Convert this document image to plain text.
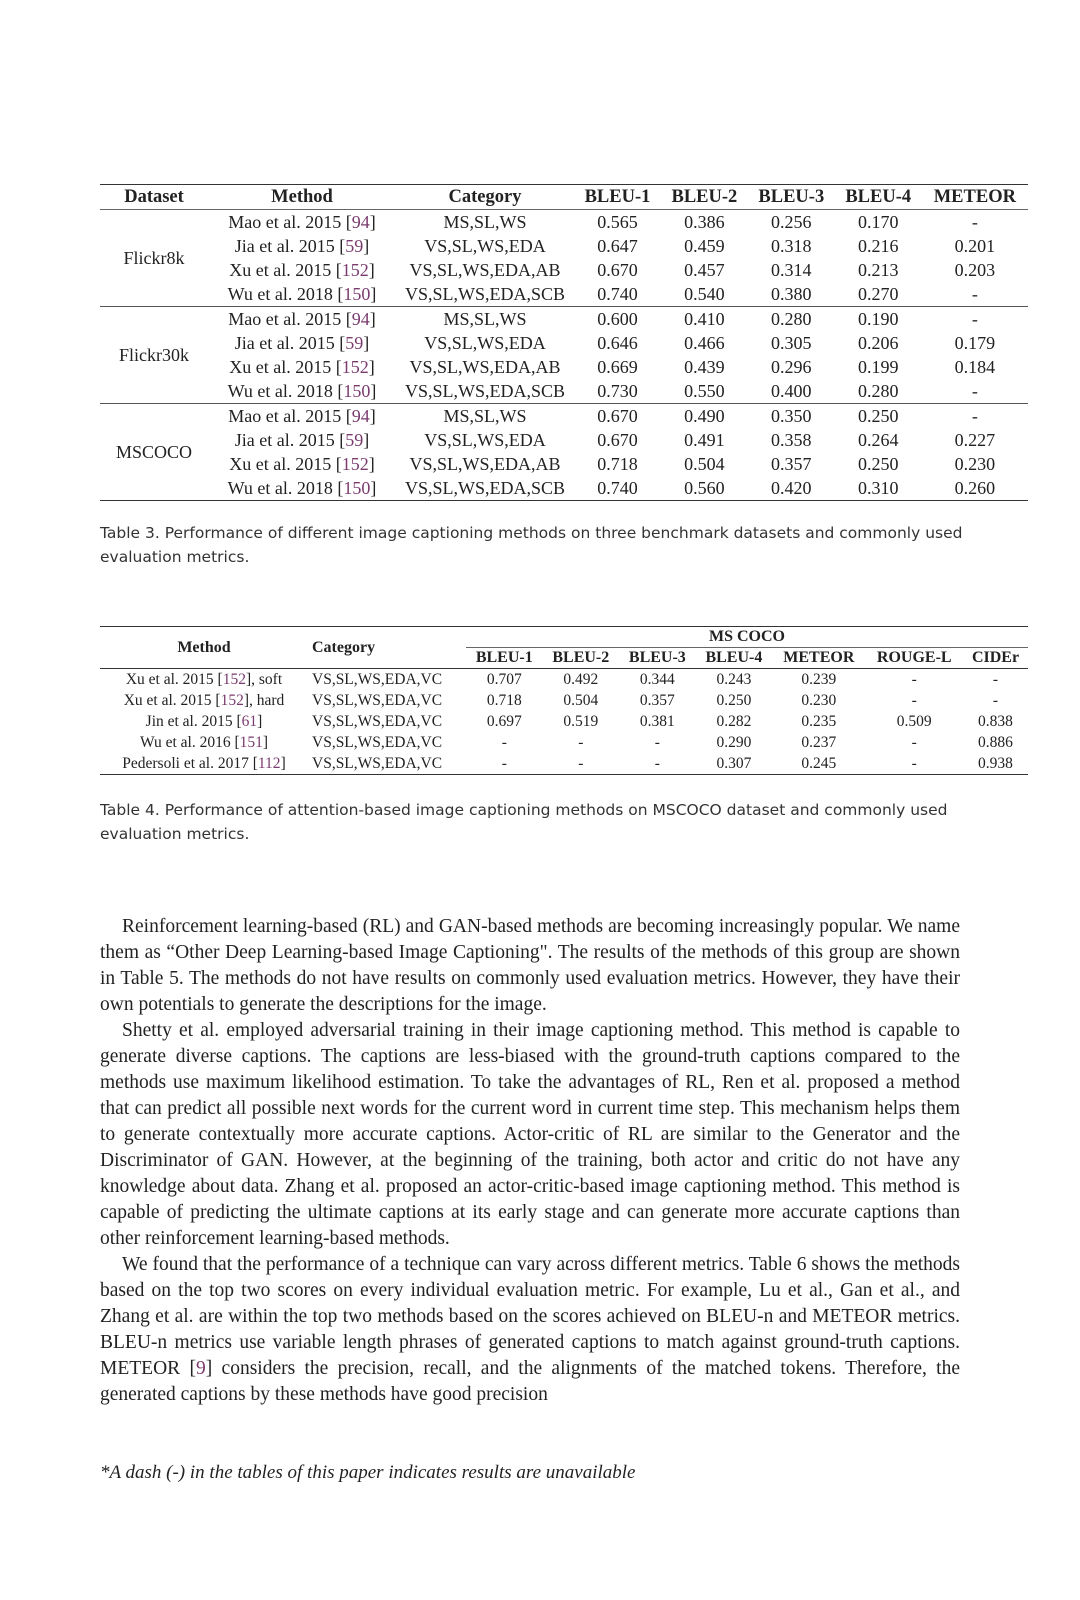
Dataset	Method	Category	BLEU-1	BLEU-2	BLEU-3	BLEU-4	METEOR
Flickr8k	Mao et al. 2015 [94]	MS,SL,WS	0.565	0.386	0.256	0.170	-
	Jia et al. 2015 [59]	VS,SL,WS,EDA	0.647	0.459	0.318	0.216	0.201
	Xu et al. 2015 [152]	VS,SL,WS,EDA,AB	0.670	0.457	0.314	0.213	0.203
	Wu et al. 2018 [150]	VS,SL,WS,EDA,SCB	0.740	0.540	0.380	0.270	-
Flickr30k	Mao et al. 2015 [94]	MS,SL,WS	0.600	0.410	0.280	0.190	-
	Jia et al. 2015 [59]	VS,SL,WS,EDA	0.646	0.466	0.305	0.206	0.179
	Xu et al. 2015 [152]	VS,SL,WS,EDA,AB	0.669	0.439	0.296	0.199	0.184
	Wu et al. 2018 [150]	VS,SL,WS,EDA,SCB	0.730	0.550	0.400	0.280	-
MSCOCO	Mao et al. 2015 [94]	MS,SL,WS	0.670	0.490	0.350	0.250	-
	Jia et al. 2015 [59]	VS,SL,WS,EDA	0.670	0.491	0.358	0.264	0.227
	Xu et al. 2015 [152]	VS,SL,WS,EDA,AB	0.718	0.504	0.357	0.250	0.230
	Wu et al. 2018 [150]	VS,SL,WS,EDA,SCB	0.740	0.560	0.420	0.310	0.260
Table 3. Performance of different image captioning methods on three benchmark datasets and commonly used evaluation metrics.
Method	Category	MS COCO						
		BLEU-1	BLEU-2	BLEU-3	BLEU-4	METEOR	ROUGE-L	CIDEr
Xu et al. 2015 [152], soft	VS,SL,WS,EDA,VC	0.707	0.492	0.344	0.243	0.239	-	-
Xu et al. 2015 [152], hard	VS,SL,WS,EDA,VC	0.718	0.504	0.357	0.250	0.230	-	-
Jin et al. 2015 [61]	VS,SL,WS,EDA,VC	0.697	0.519	0.381	0.282	0.235	0.509	0.838
Wu et al. 2016 [151]	VS,SL,WS,EDA,VC	-	-	-	0.290	0.237	-	0.886
Pedersoli et al. 2017 [112]	VS,SL,WS,EDA,VC	-	-	-	0.307	0.245	-	0.938
Table 4. Performance of attention-based image captioning methods on MSCOCO dataset and commonly used evaluation metrics.

Reinforcement learning-based (RL) and GAN-based methods are becoming increasingly popular. We name them as “Other Deep Learning-based Image Captioning". The results of the methods of this group are shown in Table 5. The methods do not have results on commonly used evaluation metrics. However, they have their own potentials to generate the descriptions for the image.

Shetty et al. employed adversarial training in their image captioning method. This method is capable to generate diverse captions. The captions are less-biased with the ground-truth captions compared to the methods use maximum likelihood estimation. To take the advantages of RL, Ren et al. proposed a method that can predict all possible next words for the current word in current time step. This mechanism helps them to generate contextually more accurate captions. Actor-critic of RL are similar to the Generator and the Discriminator of GAN. However, at the beginning of the training, both actor and critic do not have any knowledge about data. Zhang et al. proposed an actor-critic-based image captioning method. This method is capable of predicting the ultimate captions at its early stage and can generate more accurate captions than other reinforcement learning-based methods.

We found that the performance of a technique can vary across different metrics. Table 6 shows the methods based on the top two scores on every individual evaluation metric. For example, Lu et al., Gan et al., and Zhang et al. are within the top two methods based on the scores achieved on BLEU-n and METEOR metrics. BLEU-n metrics use variable length phrases of generated captions to match against ground-truth captions. METEOR [9] considers the precision, recall, and the alignments of the matched tokens. Therefore, the generated captions by these methods have good precision

*A dash (-) in the tables of this paper indicates results are unavailable
